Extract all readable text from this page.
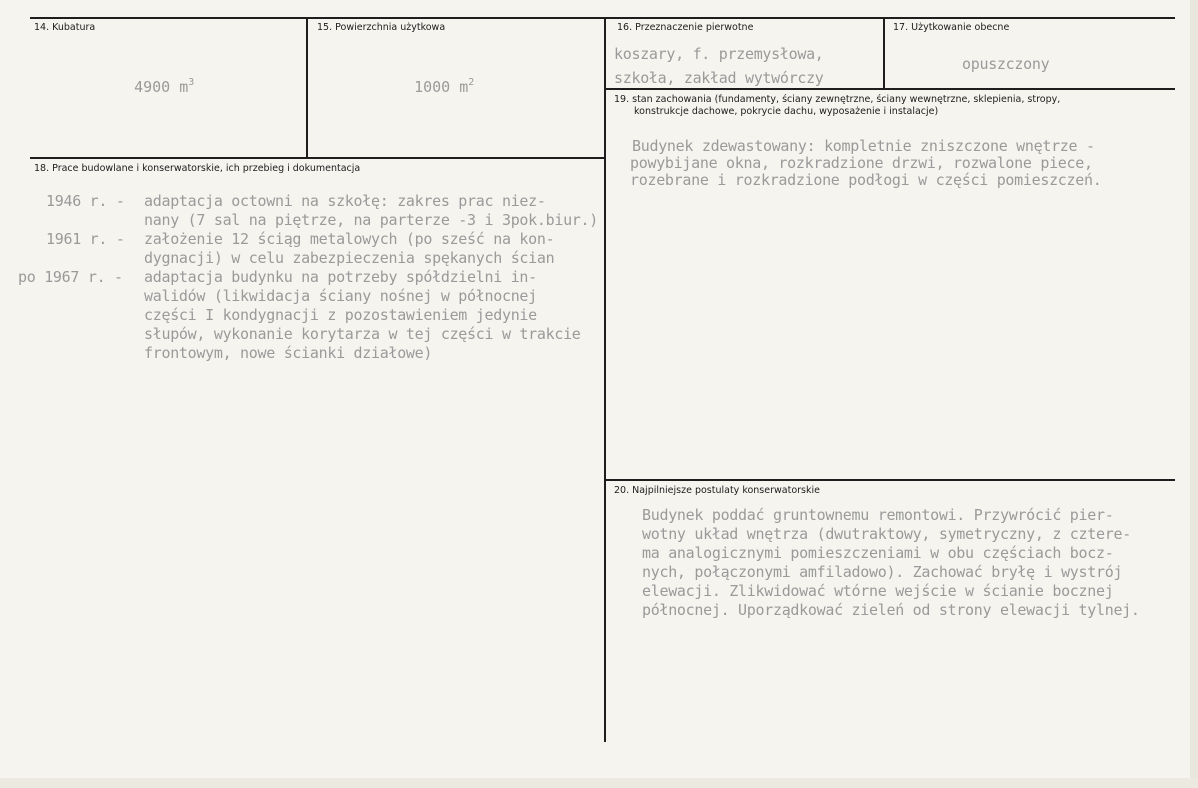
14. Kubatura

4900 $m^3$

15. Powierzchnia użytkowa

1000 $m^2$

16. Przeznaczenie pierwotne
koszary, f. przemysłowa,
szkoła, zakład wytwórczy
17. Użytkowanie obecne
opuszczony
18. Prace budowlane i konserwatorskie, ich przebieg i dokumentacja
1946 r. - adaptacja octowni na szkołę: zakres prac niez-
nany (7 sal na piętrze, na parterze -3 i 3pok.biur.)
1961 r. - założenie 12 ściąg metalowych (po sześć na kon-
dygnacji) w celu zabezpieczenia spękanych ścian
po 1967 r. - adaptacja budynku na potrzeby spółdzielni in-
walidów (likwidacja ściany nośnej w północnej
części I kondygnacji z pozostawieniem jedynie
słupów, wykonanie korytarza w tej części w trakcie
frontowym, nowe ścianki działowe)
19. stan zachowania (fundamenty, ściany zewnętrzne, ściany wewnętrzne, sklepienia, stropy,
konstrukcje dachowe, pokrycie dachu, wyposażenie i instalacje)
Budynek zdewastowany: kompletnie zniszczone wnętrze -
powybijane okna, rozkradzione drzwi, rozwalone piece,
rozebrane i rozkradzione podłogi w części pomieszczeń.
20. Najpilniejsze postulaty konserwatorskie
Budynek poddać gruntownemu remontowi. Przywrócić pier-
wotny układ wnętrza (dwutraktowy, symetryczny, z cztere-
ma analogicznymi pomieszczeniami w obu częściach bocz-
nych, połączonymi amfiladowo). Zachować bryłę i wystrój
elewacji. Zlikwidować wtórne wejście w ścianie bocznej
północnej. Uporządkować zieleń od strony elewacji tylnej.
